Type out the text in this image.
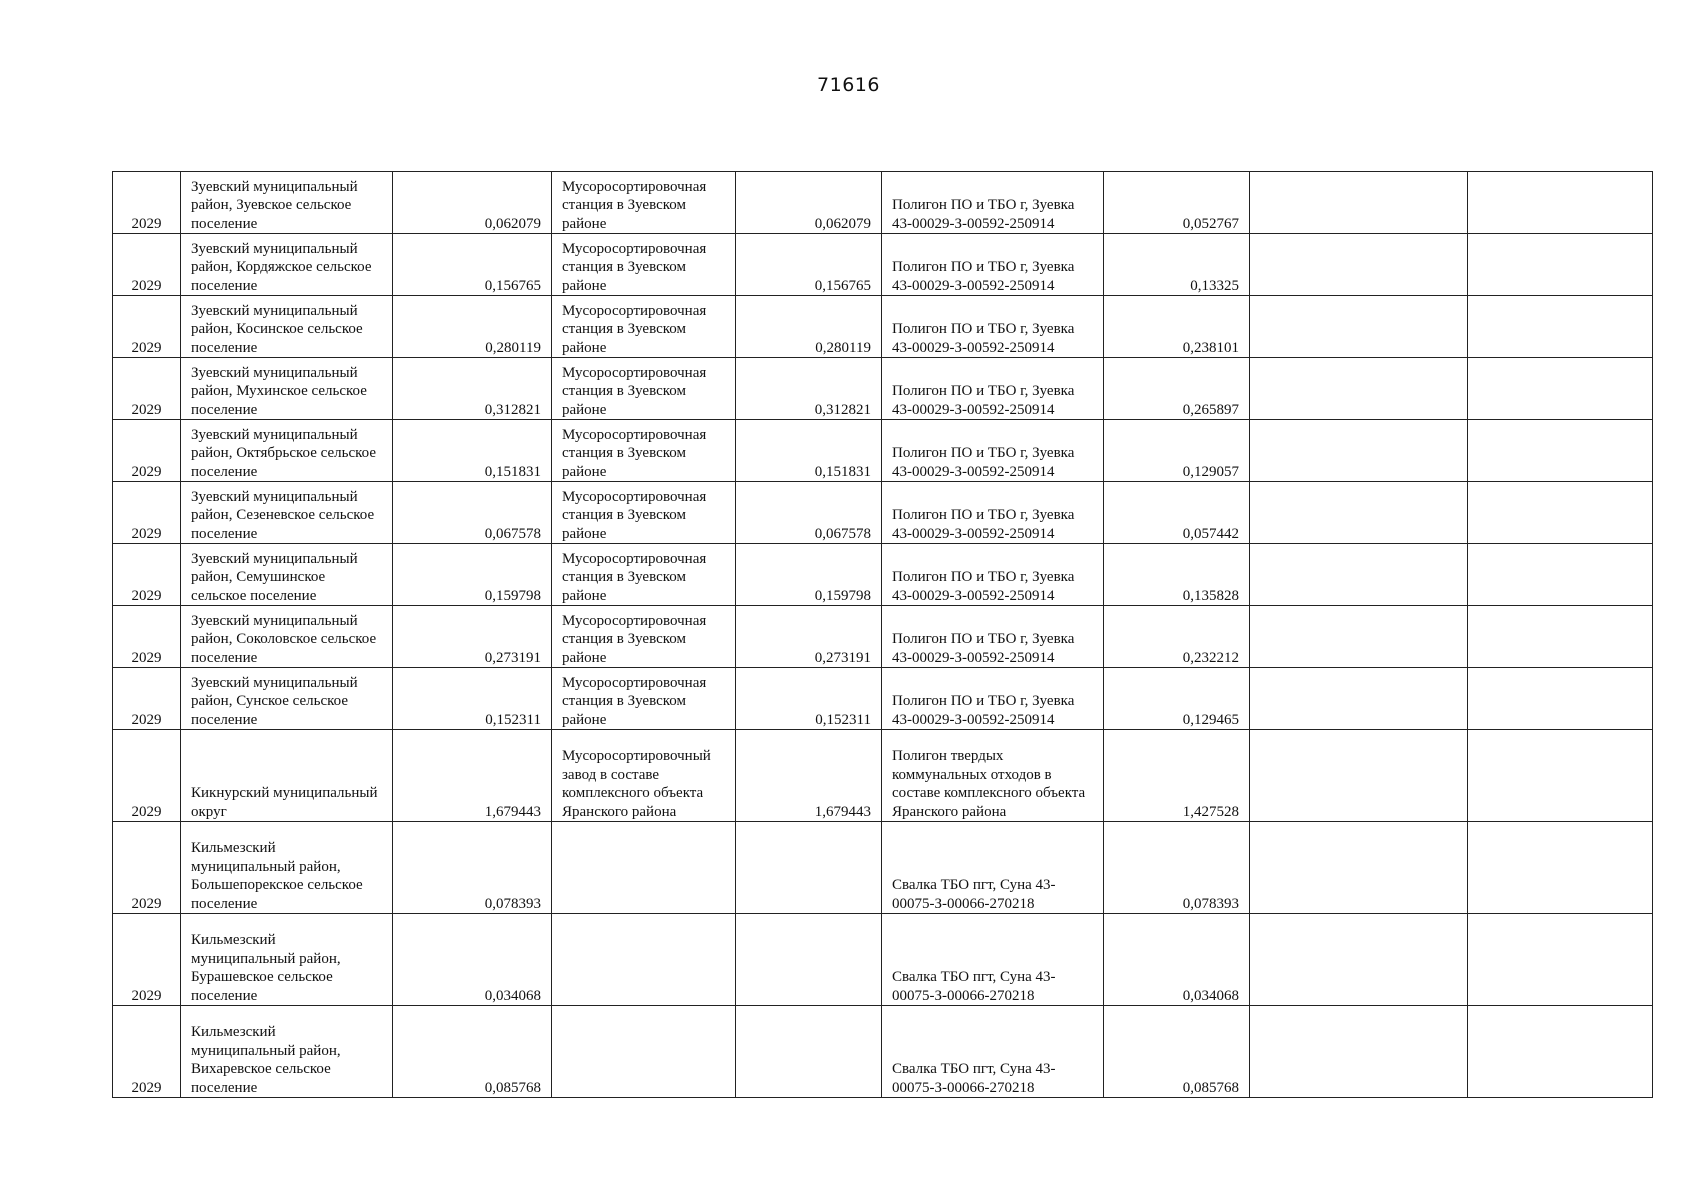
71616
2029	Зуевский муниципальный район, Зуевское сельское поселение	0,062079	Мусоросортировочная станция в Зуевском районе	0,062079	Полигон ПО и ТБО г, Зуевка 43-00029-З-00592-250914	0,052767		
2029	Зуевский муниципальный район, Кордяжское сельское поселение	0,156765	Мусоросортировочная станция в Зуевском районе	0,156765	Полигон ПО и ТБО г, Зуевка 43-00029-З-00592-250914	0,13325		
2029	Зуевский муниципальный район, Косинское сельское поселение	0,280119	Мусоросортировочная станция в Зуевском районе	0,280119	Полигон ПО и ТБО г, Зуевка 43-00029-З-00592-250914	0,238101		
2029	Зуевский муниципальный район, Мухинское сельское поселение	0,312821	Мусоросортировочная станция в Зуевском районе	0,312821	Полигон ПО и ТБО г, Зуевка 43-00029-З-00592-250914	0,265897		
2029	Зуевский муниципальный район, Октябрьское сельское поселение	0,151831	Мусоросортировочная станция в Зуевском районе	0,151831	Полигон ПО и ТБО г, Зуевка 43-00029-З-00592-250914	0,129057		
2029	Зуевский муниципальный район, Сезеневское сельское поселение	0,067578	Мусоросортировочная станция в Зуевском районе	0,067578	Полигон ПО и ТБО г, Зуевка 43-00029-З-00592-250914	0,057442		
2029	Зуевский муниципальный район, Семушинское сельское поселение	0,159798	Мусоросортировочная станция в Зуевском районе	0,159798	Полигон ПО и ТБО г, Зуевка 43-00029-З-00592-250914	0,135828		
2029	Зуевский муниципальный район, Соколовское сельское поселение	0,273191	Мусоросортировочная станция в Зуевском районе	0,273191	Полигон ПО и ТБО г, Зуевка 43-00029-З-00592-250914	0,232212		
2029	Зуевский муниципальный район, Сунское сельское поселение	0,152311	Мусоросортировочная станция в Зуевском районе	0,152311	Полигон ПО и ТБО г, Зуевка 43-00029-З-00592-250914	0,129465		
2029	Кикнурский муниципальный округ	1,679443	Мусоросортировочный завод в составе комплексного объекта Яранского района	1,679443	Полигон твердых коммунальных отходов в составе комплексного объекта Яранского района	1,427528		
2029	Кильмезский муниципальный район, Большепорекское сельское поселение	0,078393			Свалка ТБО пгт, Суна 43-00075-З-00066-270218	0,078393		
2029	Кильмезский муниципальный район, Бурашевское сельское поселение	0,034068			Свалка ТБО пгт, Суна 43-00075-З-00066-270218	0,034068		
2029	Кильмезский муниципальный район, Вихаревское сельское поселение	0,085768			Свалка ТБО пгт, Суна 43-00075-З-00066-270218	0,085768		
